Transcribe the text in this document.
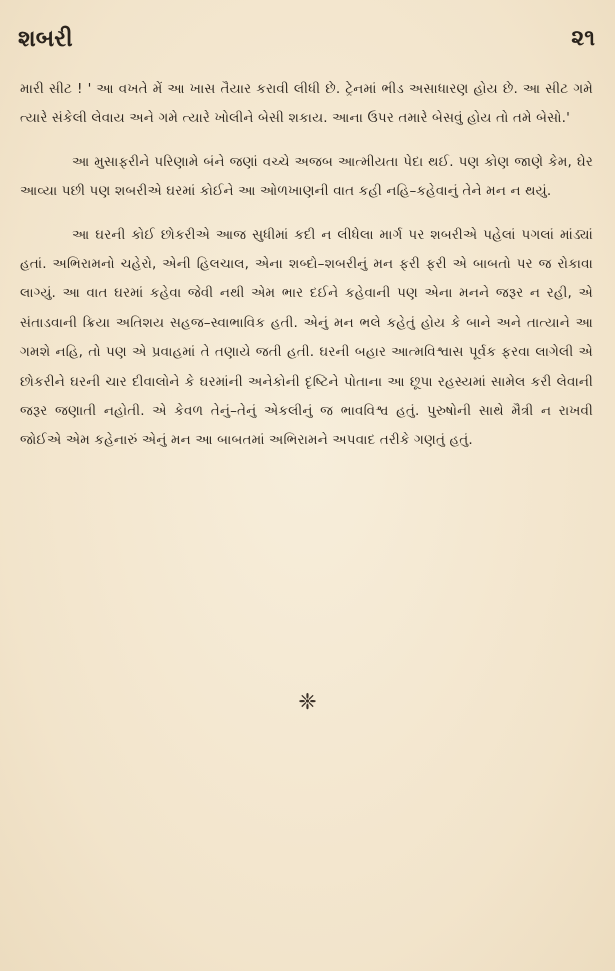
શબરી	૨૧

મારી સીટ ! ' આ વખતે મેં આ ખાસ તૈયાર કરાવી લીધી છે. ટ્રેનમાં ભીડ અસાધારણ હોય છે. આ સીટ ગમે ત્યારે સંકેલી લેવાય અને ગમે ત્યારે ખોલીને બેસી શકાય. આના ઉપર તમારે બેસવું હોય તો તમે બેસો.'

આ મુસાફરીને પરિણામે બંને જણાં વચ્ચે અજબ આત્મીયતા પેદા થઈ. પણ કોણ જાણે કેમ, ઘેર આવ્યા પછી પણ શબરીએ ઘરમાં કોઈને આ ઓળખાણની વાત કહી નહિ–કહેવાનું તેને મન ન થયું.

આ ઘરની કોઈ છોકરીએ આજ સુધીમાં કદી ન લીધેલા માર્ગ પર શબરીએ પહેલાં પગલાં માંડ્યાં હતાં. અભિરામનો ચહેરો, એની હિલચાલ, એના શબ્દો–શબરીનું મન ફરી ફરી એ બાબતો પર જ રોકાવા લાગ્યું. આ વાત ઘરમાં કહેવા જેવી નથી એમ ભાર દઈને કહેવાની પણ એના મનને જરૂર ન રહી, એ સંતાડવાની ક્રિયા અતિશય સહજ–સ્વાભાવિક હતી. એનું મન ભલે કહેતું હોય કે બાને અને તાત્યાને આ ગમશે નહિ, તો પણ એ પ્રવાહમાં તે તણાયે જતી હતી. ઘરની બહાર આત્મવિશ્વાસ પૂર્વક ફરવા લાગેલી એ છોકરીને ઘરની ચાર દીવાલોને કે ઘરમાંની અનેકોની દૃષ્ટિને પોતાના આ છૂપા રહસ્યમાં સામેલ કરી લેવાની જરૂર જણાતી નહોતી. એ કેવળ તેનું–તેનું એકલીનું જ ભાવવિશ્વ હતું. પુરુષોની સાથે મૈત્રી ન રાખવી જોઈએ એમ કહેનારું એનું મન આ બાબતમાં અભિરામને અપવાદ તરીકે ગણતું હતું.

❈
